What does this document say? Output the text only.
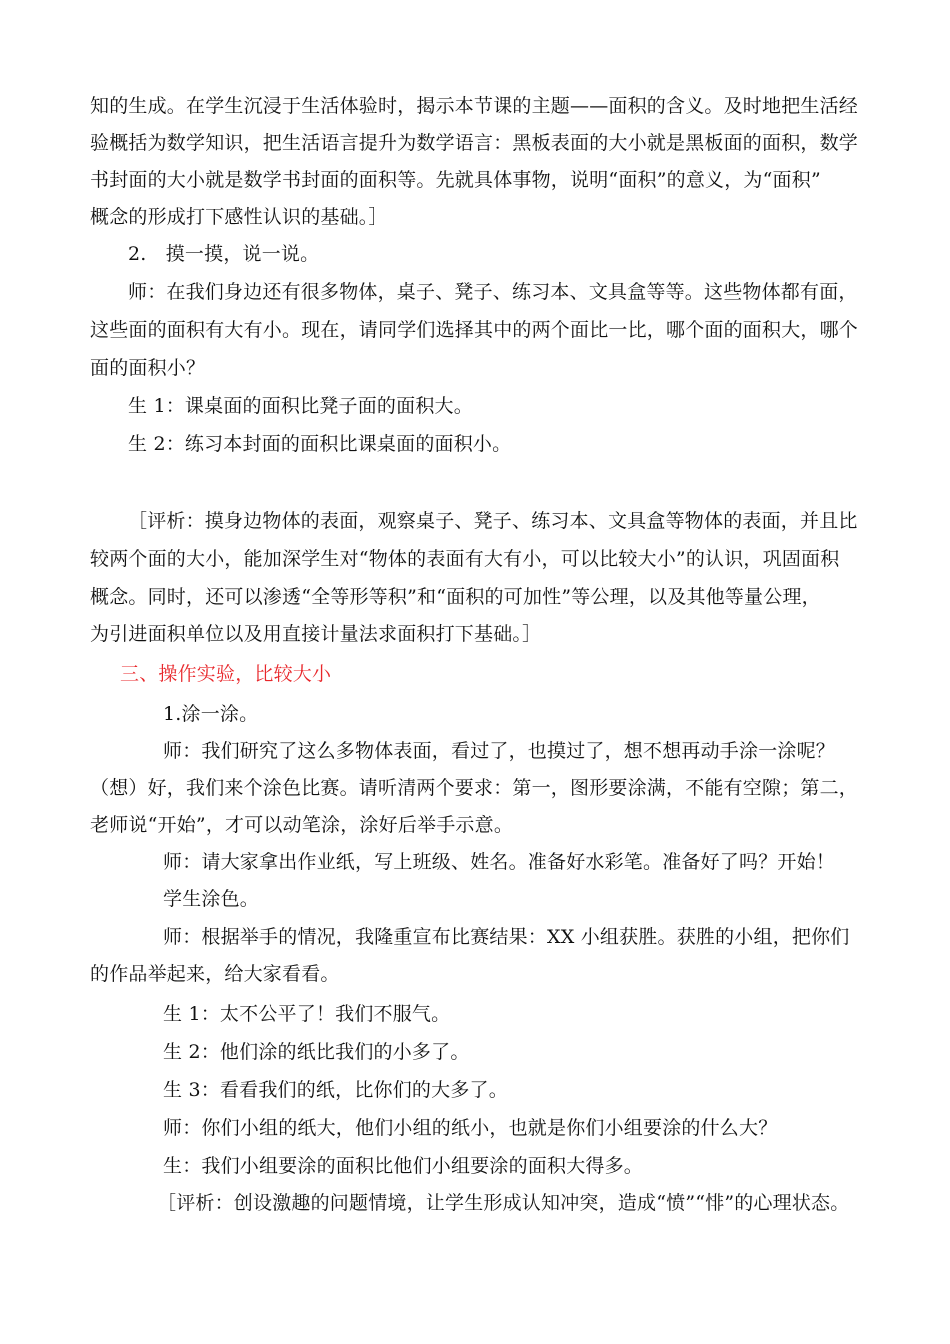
知的生成。在学生沉浸于生活体验时，揭示本节课的主题——面积的含义。及时地把生活经
验概括为数学知识，把生活语言提升为数学语言：黑板表面的大小就是黑板面的面积，数学
书封面的大小就是数学书封面的面积等。先就具体事物，说明“面积”的意义，为“面积”
概念的形成打下感性认识的基础。］
2.　摸一摸，说一说。
师：在我们身边还有很多物体，桌子、凳子、练习本、文具盒等等。这些物体都有面，
这些面的面积有大有小。现在，请同学们选择其中的两个面比一比，哪个面的面积大，哪个
面的面积小？
生 1：课桌面的面积比凳子面的面积大。
生 2：练习本封面的面积比课桌面的面积小。
［评析：摸身边物体的表面，观察桌子、凳子、练习本、文具盒等物体的表面，并且比
较两个面的大小，能加深学生对“物体的表面有大有小，可以比较大小”的认识，巩固面积
概念。同时，还可以渗透“全等形等积”和“面积的可加性”等公理，以及其他等量公理，
为引进面积单位以及用直接计量法求面积打下基础。］
三、操作实验，比较大小
1.涂一涂。
师：我们研究了这么多物体表面，看过了，也摸过了，想不想再动手涂一涂呢？
（想）好，我们来个涂色比赛。请听清两个要求：第一，图形要涂满，不能有空隙；第二，
老师说“开始”，才可以动笔涂，涂好后举手示意。
师：请大家拿出作业纸，写上班级、姓名。准备好水彩笔。准备好了吗？开始！
学生涂色。
师：根据举手的情况，我隆重宣布比赛结果：XX 小组获胜。获胜的小组，把你们
的作品举起来，给大家看看。
生 1：太不公平了！我们不服气。
生 2：他们涂的纸比我们的小多了。
生 3：看看我们的纸，比你们的大多了。
师：你们小组的纸大，他们小组的纸小，也就是你们小组要涂的什么大？
生：我们小组要涂的面积比他们小组要涂的面积大得多。
［评析：创设激趣的问题情境，让学生形成认知冲突，造成“愤”“悱”的心理状态。
